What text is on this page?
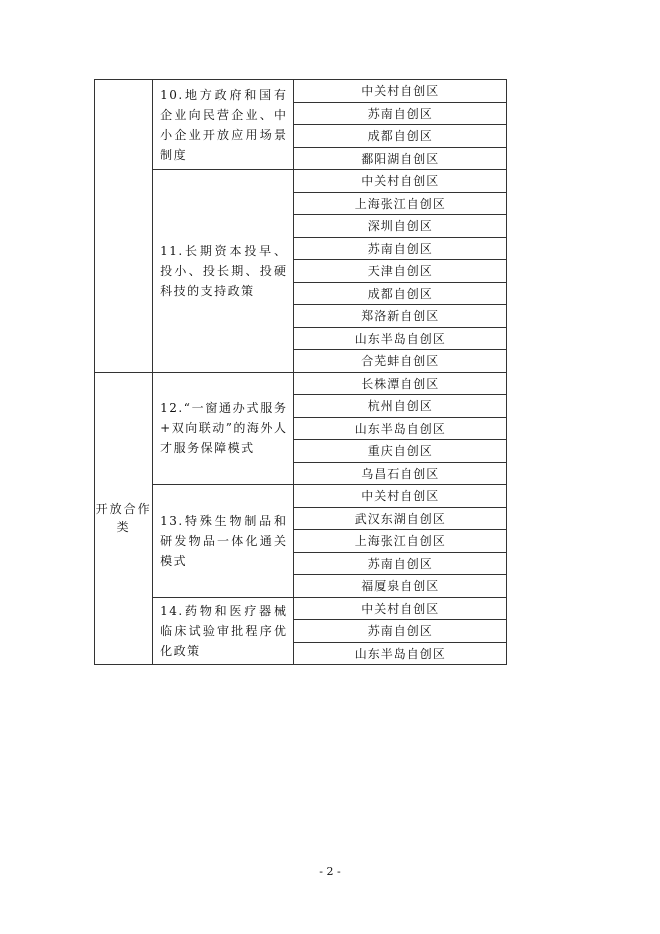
	10.地方政府和国有企业向民营企业、中小企业开放应用场景制度	中关村自创区
		苏南自创区
		成都自创区
		鄱阳湖自创区
	11.长期资本投早、投小、投长期、投硬科技的支持政策	中关村自创区
		上海张江自创区
		深圳自创区
		苏南自创区
		天津自创区
		成都自创区
		郑洛新自创区
		山东半岛自创区
		合芜蚌自创区
开放合作类	12.“一窗通办式服务+双向联动”的海外人才服务保障模式	长株潭自创区
		杭州自创区
		山东半岛自创区
		重庆自创区
		乌昌石自创区
	13.特殊生物制品和研发物品一体化通关模式	中关村自创区
		武汉东湖自创区
		上海张江自创区
		苏南自创区
		福厦泉自创区
	14.药物和医疗器械临床试验审批程序优化政策	中关村自创区
		苏南自创区
		山东半岛自创区
- 2 -
